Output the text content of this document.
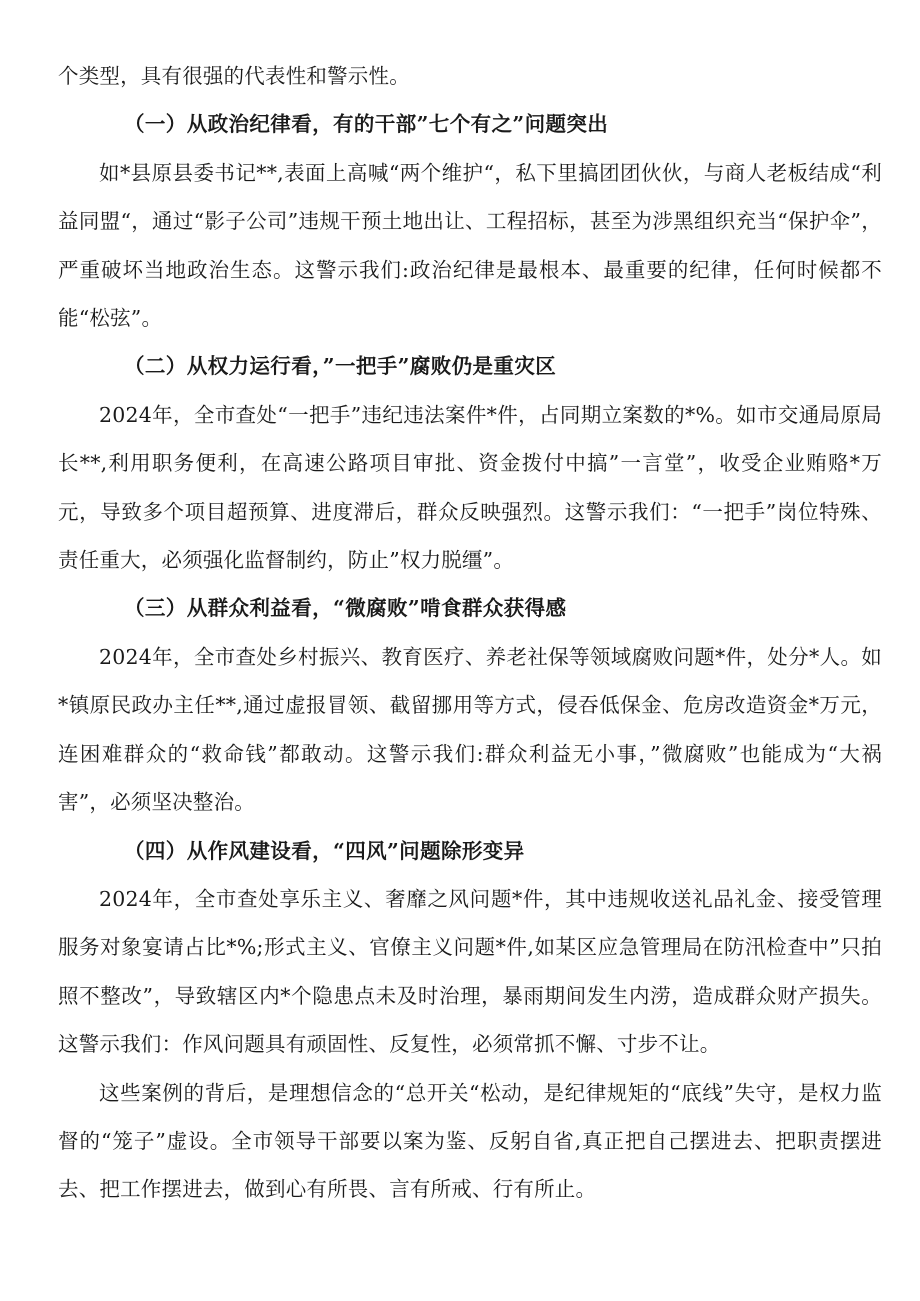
个类型，具有很强的代表性和警示性。

（一）从政治纪律看，有的干部”七个有之”问题突出

如*县原县委书记**,表面上高喊“两个维护“，私下里搞团团伙伙，与商人老板结成“利益同盟“，通过“影子公司”违规干预土地出让、工程招标，甚至为涉黑组织充当“保护伞”，严重破坏当地政治生态。这警示我们:政治纪律是最根本、最重要的纪律，任何时候都不能“松弦”。

（二）从权力运行看，”一把手”腐败仍是重灾区

2024年，全市查处“一把手”违纪违法案件*件，占同期立案数的*%。如市交通局原局长**,利用职务便利，在高速公路项目审批、资金拨付中搞”一言堂”，收受企业贿赂*万元，导致多个项目超预算、进度滞后，群众反映强烈。这警示我们：“一把手”岗位特殊、责任重大，必须强化监督制约，防止”权力脱缰”。

（三）从群众利益看，“微腐败”啃食群众获得感

2024年，全市查处乡村振兴、教育医疗、养老社保等领域腐败问题*件，处分*人。如*镇原民政办主任**,通过虚报冒领、截留挪用等方式，侵吞低保金、危房改造资金*万元，连困难群众的“救命钱”都敢动。这警示我们:群众利益无小事，”微腐败”也能成为“大祸害”，必须坚决整治。

（四）从作风建设看，“四风”问题除形变异

2024年，全市查处享乐主义、奢靡之风问题*件，其中违规收送礼品礼金、接受管理服务对象宴请占比*%;形式主义、官僚主义问题*件,如某区应急管理局在防汛检查中”只拍照不整改”，导致辖区内*个隐患点未及时治理，暴雨期间发生内涝，造成群众财产损失。这警示我们：作风问题具有顽固性、反复性，必须常抓不懈、寸步不让。

这些案例的背后，是理想信念的“总开关“松动，是纪律规矩的“底线”失守，是权力监督的“笼子”虚设。全市领导干部要以案为鉴、反躬自省,真正把自己摆进去、把职责摆进去、把工作摆进去，做到心有所畏、言有所戒、行有所止。
